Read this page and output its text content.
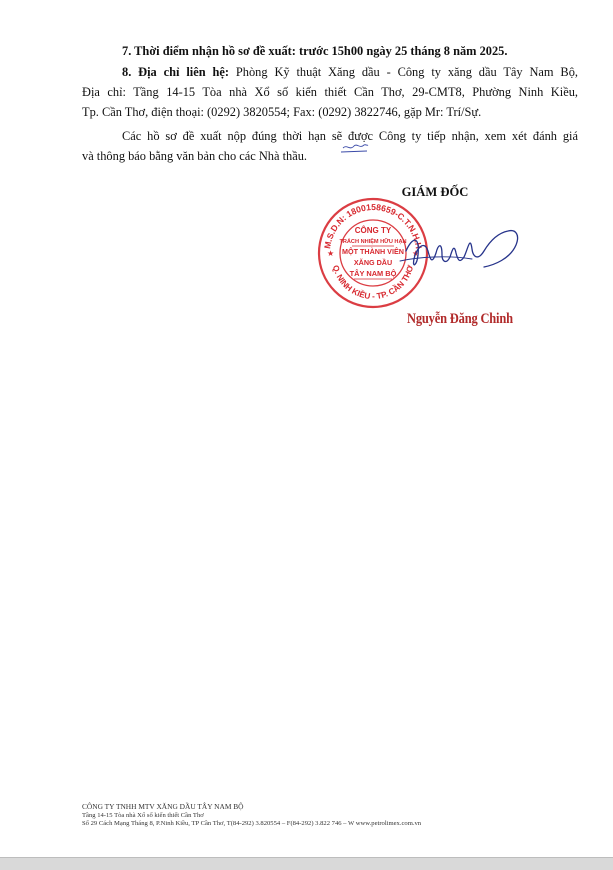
7. Thời điểm nhận hồ sơ đề xuất: trước 15h00 ngày 25 tháng 8 năm 2025.
8. Địa chỉ liên hệ: Phòng Kỹ thuật Xăng dầu - Công ty xăng dầu Tây Nam Bộ,
Địa chỉ: Tầng 14-15 Tòa nhà Xổ số kiến thiết Cần Thơ, 29-CMT8, Phường Ninh Kiều,
Tp. Cần Thơ, điện thoại: (0292) 3820554; Fax: (0292) 3822746, gặp Mr: Trí/Sự.
Các hồ sơ đề xuất nộp đúng thời hạn sẽ được Công ty tiếp nhận, xem xét đánh giá
và thông báo bằng văn bản cho các Nhà thầu.
GIÁM ĐỐC
M.S.D.N: 1800158659-C.T.N.H.H
Q. NINH KIỀU - TP. CẦN THƠ
★	★
CÔNG TY
TRÁCH NHIỆM HỮU HẠN
MỘT THÀNH VIÊN
XĂNG DẦU
TÂY NAM BỘ
Nguyễn Đăng Chinh
CÔNG TY TNHH MTV XĂNG DẦU TÂY NAM BỘ
Tầng 14-15 Tòa nhà Xổ số kiến thiết Cần Thơ
Số 29 Cách Mạng Tháng 8, P.Ninh Kiều, TP Cần Thơ, T(84-292) 3.820554 – F(84-292) 3.822 746 – W www.petrolimex.com.vn
